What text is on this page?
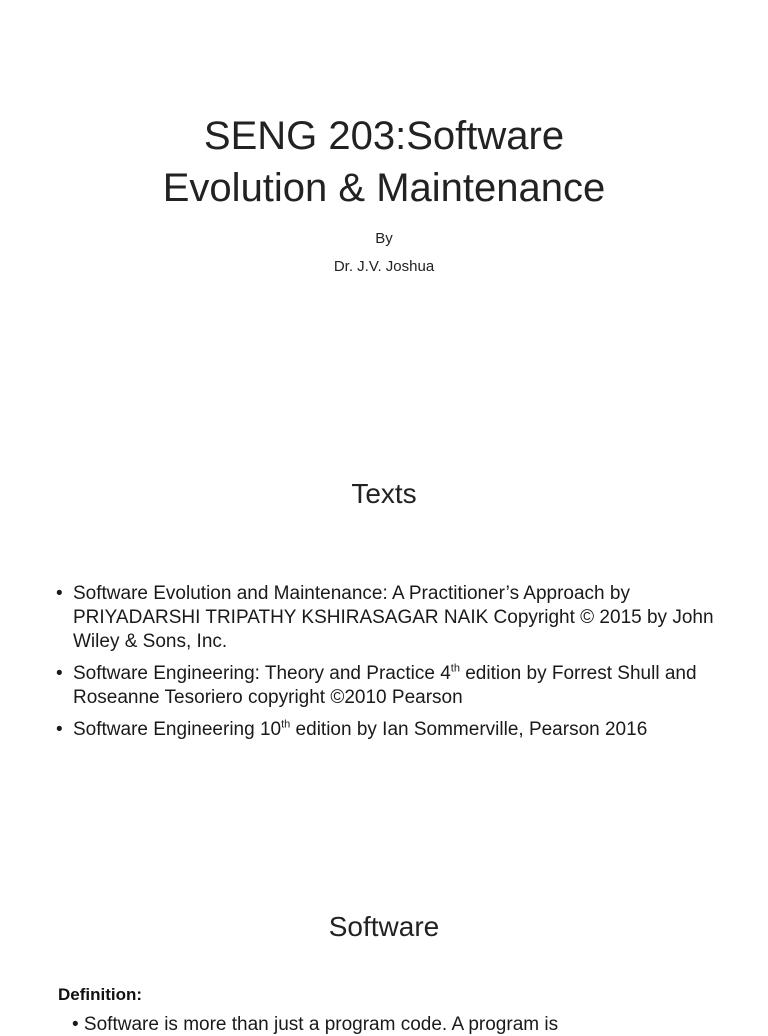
SENG 203:Software
Evolution & Maintenance
By
Dr. J.V. Joshua
Texts
• Software Evolution and Maintenance: A Practitioner’s Approach by PRIYADARSHI TRIPATHY KSHIRASAGAR NAIK Copyright © 2015 by John Wiley & Sons, Inc.
• Software Engineering: Theory and Practice 4th edition by Forrest Shull and Roseanne Tesoriero copyright ©2010 Pearson
• Software Engineering 10th edition by Ian Sommerville, Pearson 2016
Software
Definition:
• Software is more than just a program code. A program is
